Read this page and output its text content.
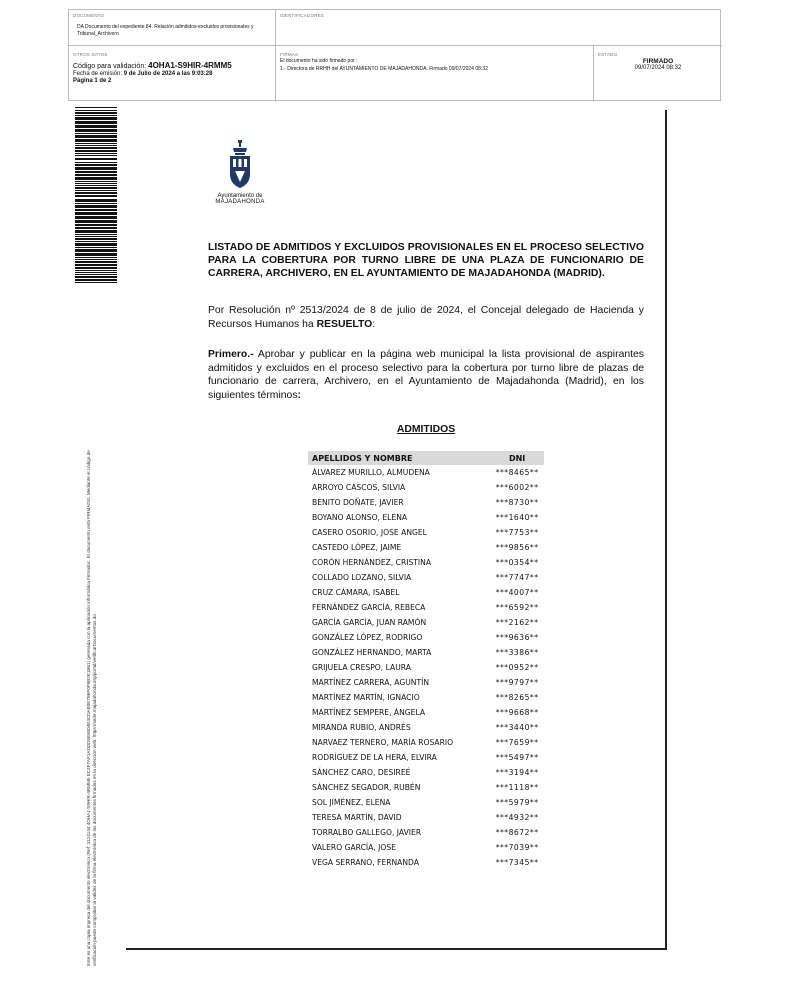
DOCUMENTO
DA Documento del expediente 84. Relación admitidos-excluidos provisionales y Tribunal_Archivero
IDENTIFICADORES
OTROS DATOS
Código para validación: 4OHA1-S9HIR-4RMM5
Fecha de emisión: 9 de Julio de 2024 a las 9:03:28
Página 1 de 2
FIRMAS
El documento ha sido firmado por :
1.- Directora de RRHH del AYUNTAMIENTO DE MAJADAHONDA. Firmado 09/07/2024 08:32
ESTADO
FIRMADO
09/07/2024 08:32
Este es una copia impresa del documento electrónico (Ref: 3124144 4OHA1-S9HIR-4RMM5 EC4F7AF1ADDD5E6004E4CDAE0E7B6F0F9B2E1B61) generada con la aplicación informática Firmadoc. El documento está FIRMADO. Mediante el código de verificación puede comprobar la validez de la firma electrónica de los documentos firmados en la dirección web: https://sede.majadahonda.org/portal/verificarDocumentos.do
Ayuntamiento de
MAJADAHONDA
LISTADO DE ADMITIDOS Y EXCLUIDOS PROVISIONALES EN EL PROCESO SELECTIVO PARA LA COBERTURA POR TURNO LIBRE DE UNA PLAZA DE FUNCIONARIO DE CARRERA, ARCHIVERO, EN EL AYUNTAMIENTO DE MAJADAHONDA (MADRID).
Por Resolución nº 2513/2024 de 8 de julio de 2024, el Concejal delegado de Hacienda y Recursos Humanos ha RESUELTO:
Primero.- Aprobar y publicar en la página web municipal la lista provisional de aspirantes admitidos y excluidos en el proceso selectivo para la cobertura por turno libre de plazas de funcionario de carrera, Archivero, en el Ayuntamiento de Majadahonda (Madrid), en los siguientes términos:
ADMITIDOS
APELLIDOS Y NOMBRE	DNI
ÁLVAREZ MURILLO, ALMUDENA	***8465**
ARROYO CASCOS, SILVIA	***6002**
BENITO DOÑATE, JAVIER	***8730**
BOYANO ALONSO, ELENA	***1640**
CASERO OSORIO, JOSE ANGEL	***7753**
CASTEDO LÓPEZ, JAIME	***9856**
CORÓN HERNÁNDEZ, CRISTINA	***0354**
COLLADO LOZANO, SILVIA	***7747**
CRUZ CÁMARA, ISABEL	***4007**
FERNÁNDEZ GARCÍA, REBECA	***6592**
GARCÍA GARCÍA, JUAN RAMÓN	***2162**
GONZÁLEZ LÓPEZ, RODRIGO	***9636**
GONZÁLEZ HERNANDO, MARTA	***3386**
GRIJUELA CRESPO, LAURA	***0952**
MARTÍNEZ CARRERA, AGUNTÍN	***9797**
MARTÍNEZ MARTÍN, IGNACIO	***8265**
MARTÍNEZ SEMPERE, ÁNGELA	***9668**
MIRANDA RUBIO, ANDRÉS	***3440**
NARVAEZ TERNERO, MARÍA ROSARIO	***7659**
RODRÍGUEZ DE LA HERA, ELVIRA	***5497**
SÁNCHEZ CARO, DESIREÉ	***3194**
SÁNCHEZ SEGADOR, RUBÉN	***1118**
SOL JIMÉNEZ, ELENA	***5979**
TERESA MARTÍN, DAVID	***4932**
TORRALBO GALLEGO, JAVIER	***8672**
VALERO GARCÍA, JOSE	***7039**
VEGA SERRANO, FERNANDA	***7345**
